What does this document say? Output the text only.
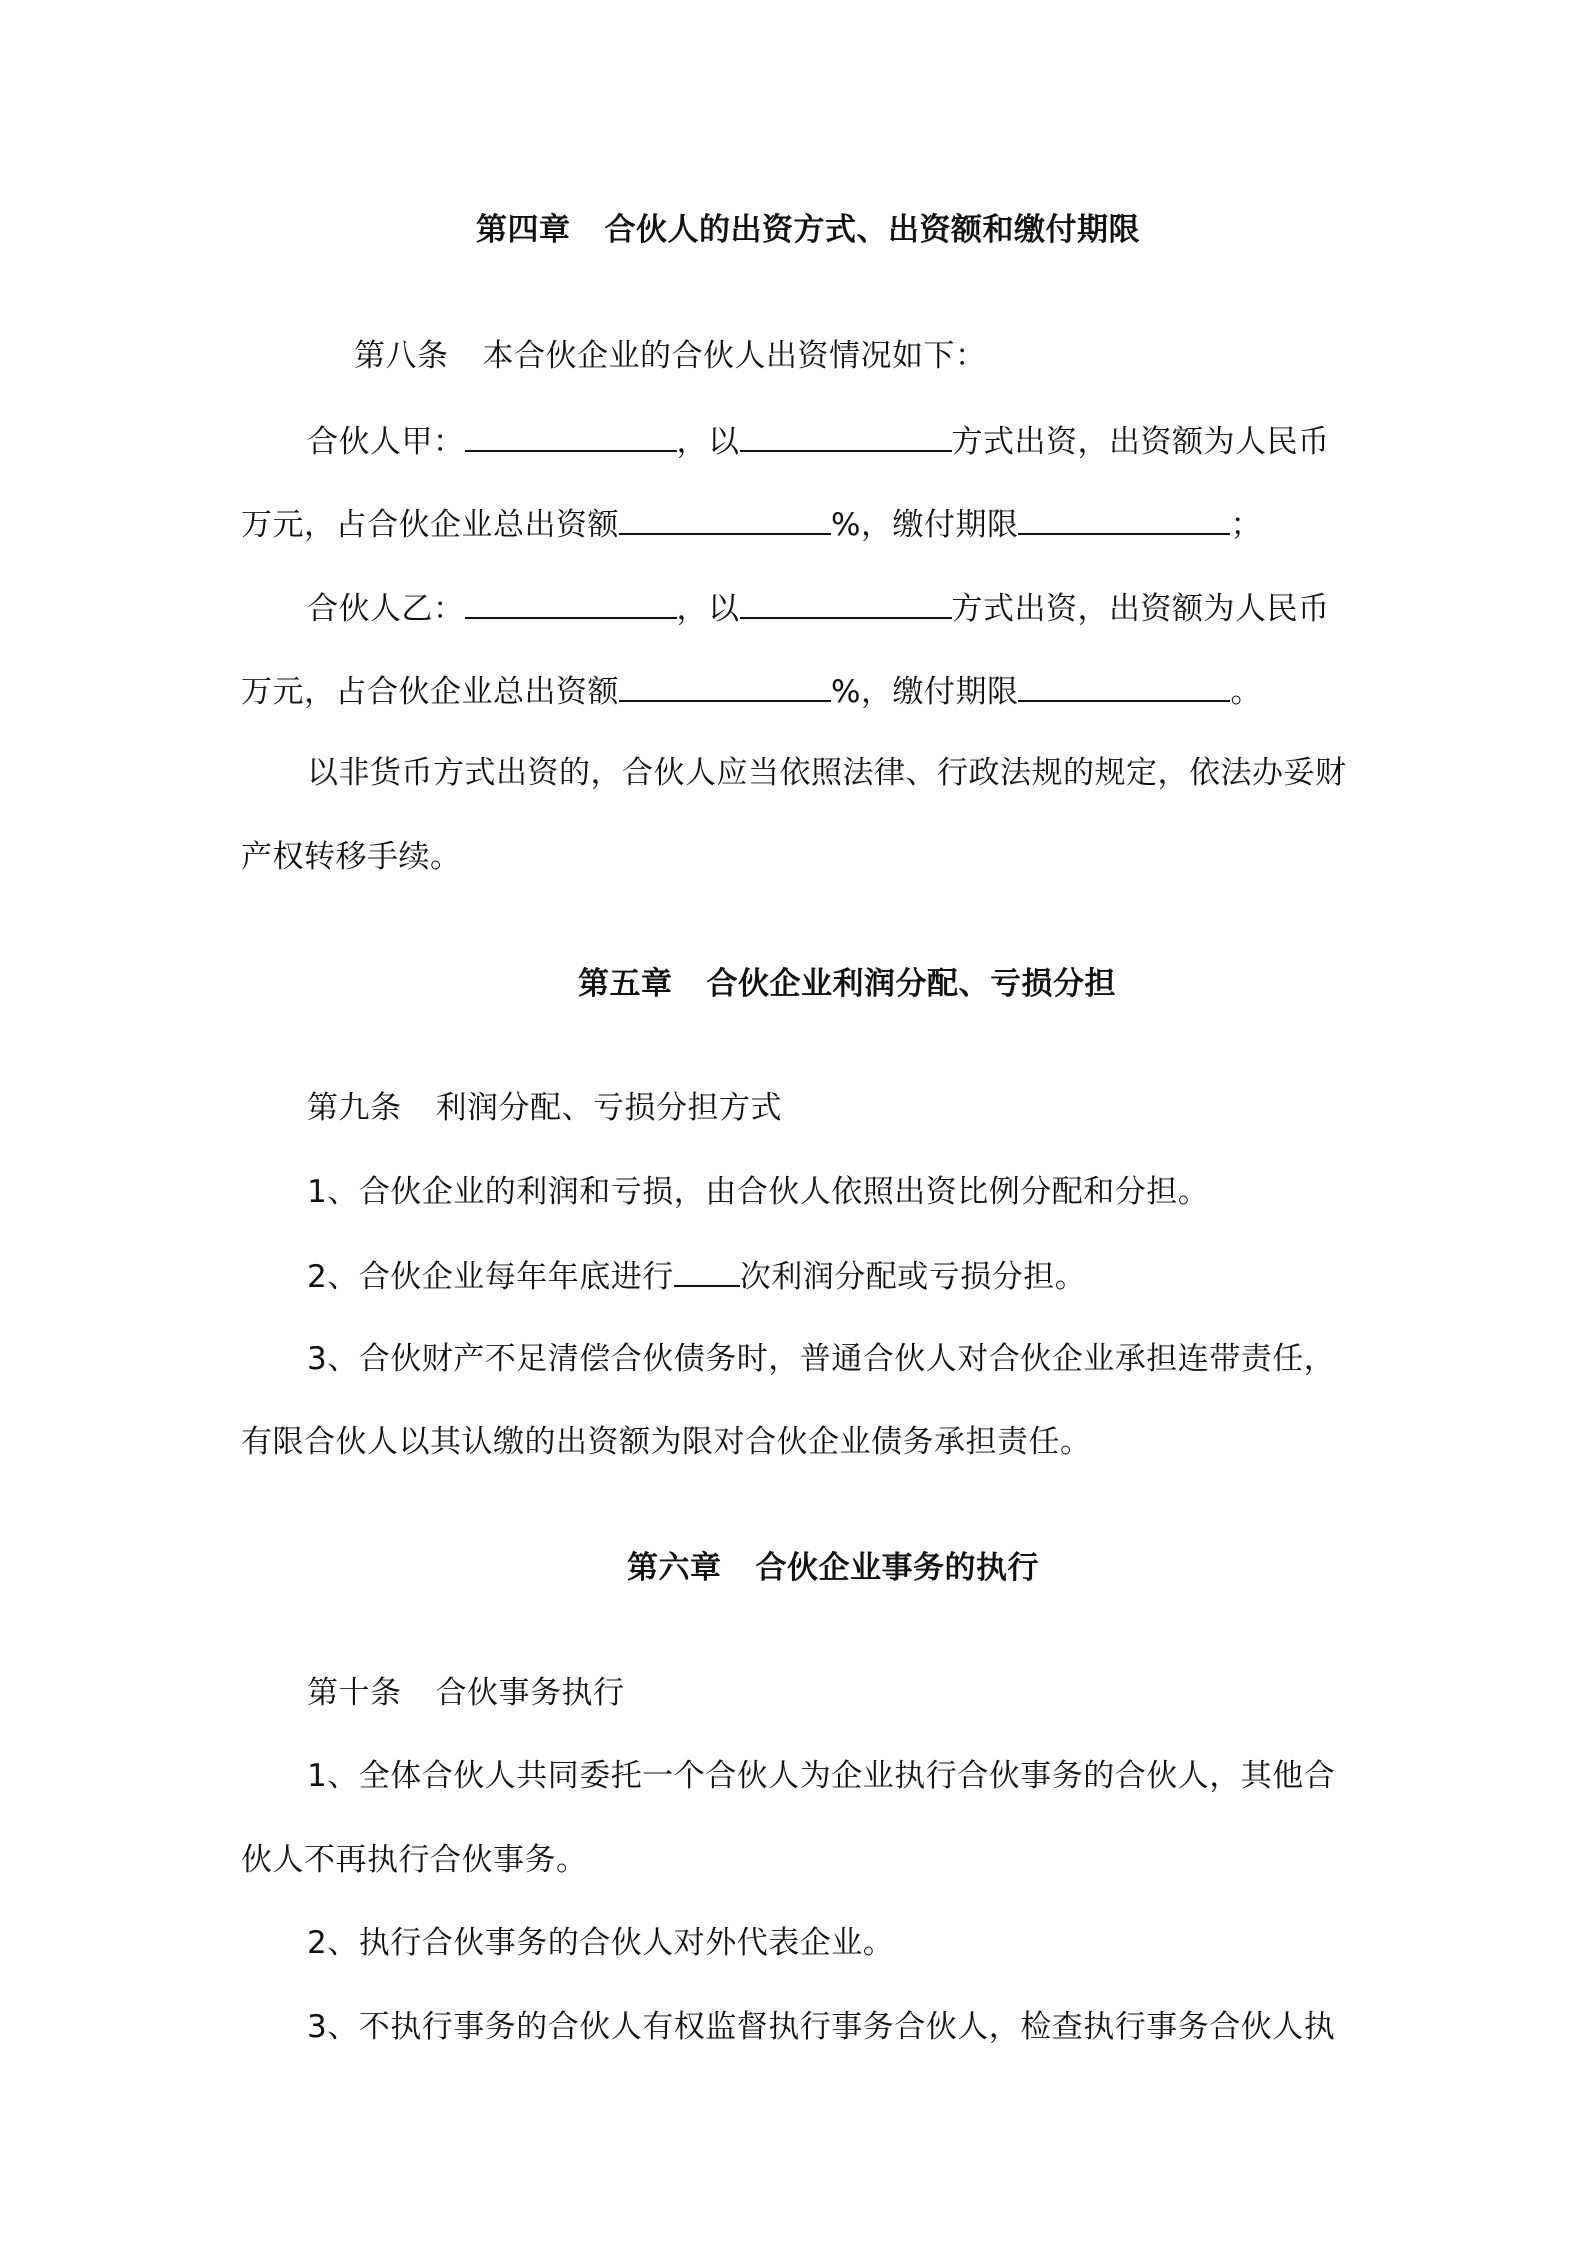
第四章 合伙人的出资方式、出资额和缴付期限
第八条 本合伙企业的合伙人出资情况如下：
合伙人甲：	，以	方式出资，出资额为人民币
万元，占合伙企业总出资额	%，缴付期限	；
合伙人乙：	，以	方式出资，出资额为人民币
万元，占合伙企业总出资额	%，缴付期限	。
以非货币方式出资的，合伙人应当依照法律、行政法规的规定，依法办妥财
产权转移手续。
第五章 合伙企业利润分配、亏损分担
第九条 利润分配、亏损分担方式
1、合伙企业的利润和亏损，由合伙人依照出资比例分配和分担。
2、合伙企业每年年底进行 次利润分配或亏损分担。
3、合伙财产不足清偿合伙债务时，普通合伙人对合伙企业承担连带责任，
有限合伙人以其认缴的出资额为限对合伙企业债务承担责任。
第六章 合伙企业事务的执行
第十条 合伙事务执行
1、全体合伙人共同委托一个合伙人为企业执行合伙事务的合伙人，其他合
伙人不再执行合伙事务。
2、执行合伙事务的合伙人对外代表企业。
3、不执行事务的合伙人有权监督执行事务合伙人，检查执行事务合伙人执
